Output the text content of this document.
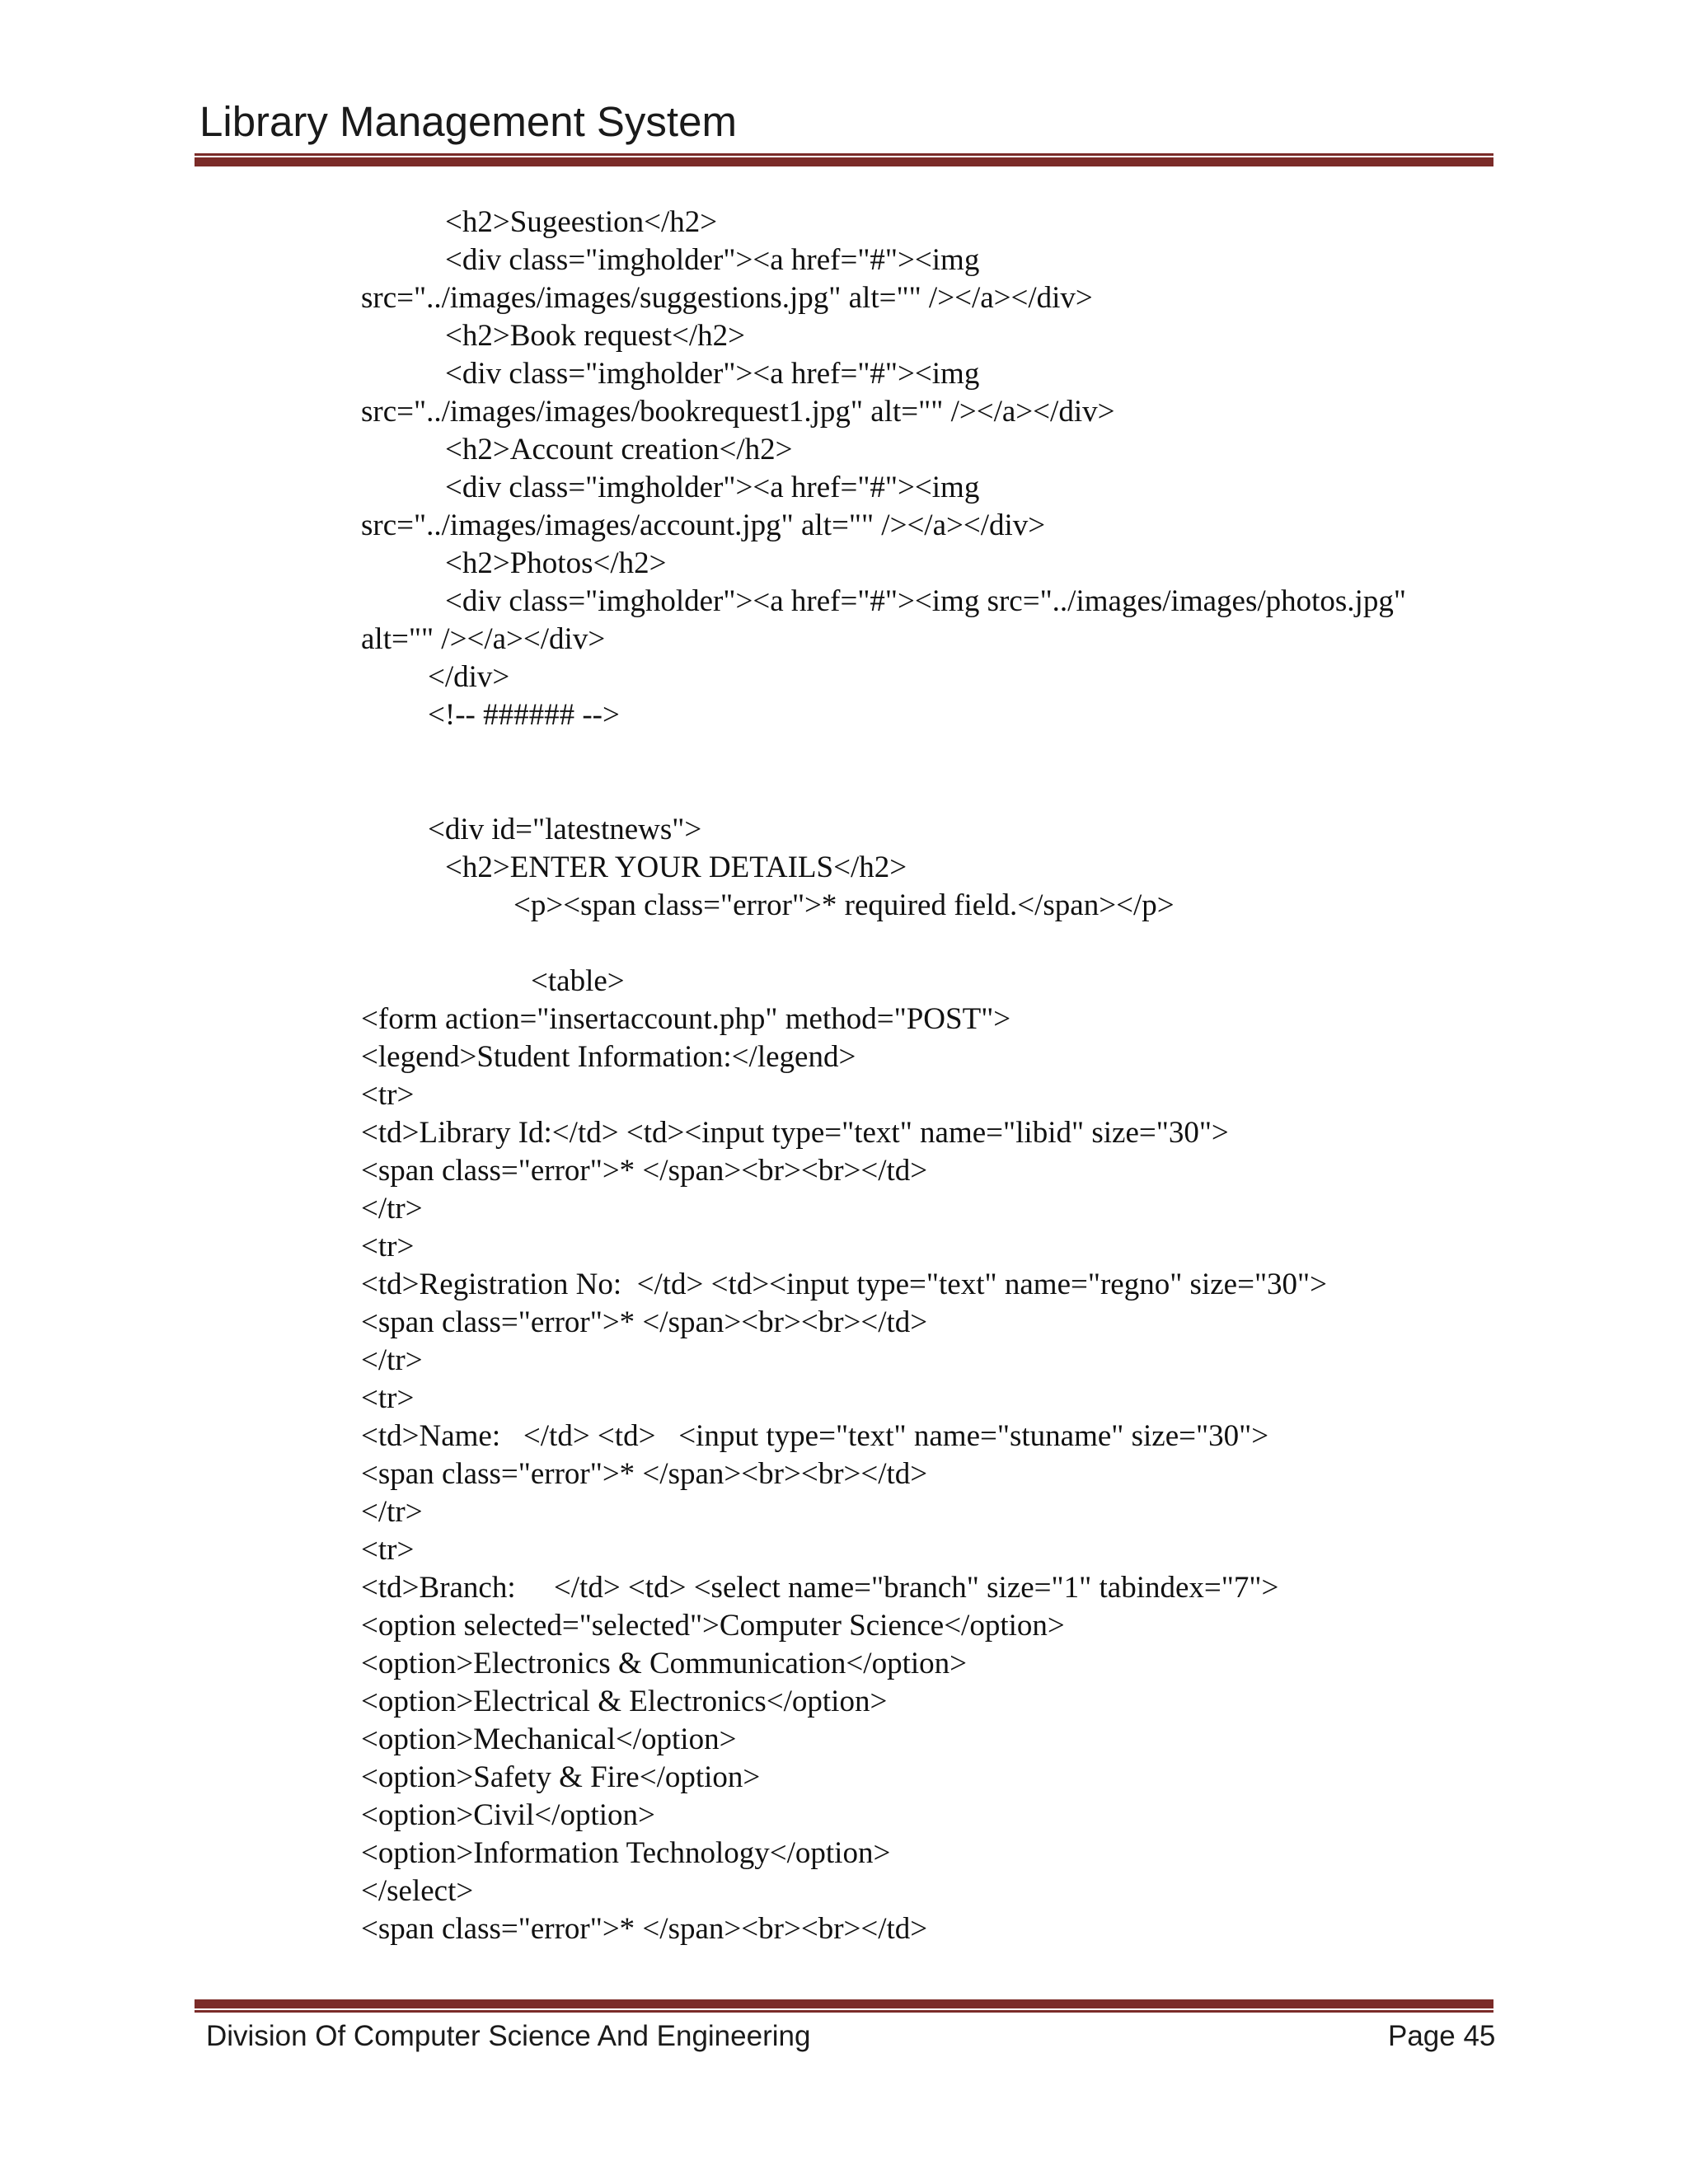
Library Management System

<h2>Sugeestion</h2>

<div class="imgholder"><a href="#"><img

src="../images/images/suggestions.jpg" alt="" /></a></div>

<h2>Book request</h2>

<div class="imgholder"><a href="#"><img

src="../images/images/bookrequest1.jpg" alt="" /></a></div>

<h2>Account creation</h2>

<div class="imgholder"><a href="#"><img

src="../images/images/account.jpg" alt="" /></a></div>

<h2>Photos</h2>

<div class="imgholder"><a href="#"><img src="../images/images/photos.jpg"

alt="" /></a></div>

</div>

<!-- ###### -->

<div id="latestnews">

<h2>ENTER YOUR DETAILS</h2>

<p><span class="error">* required field.</span></p>

<table>

<form action="insertaccount.php" method="POST">

<legend>Student Information:</legend>

<tr>

<td>Library Id:</td> <td><input type="text" name="libid" size="30">

<span class="error">* </span><br><br></td>

</tr>

<tr>

<td>Registration No:  </td> <td><input type="text" name="regno" size="30">

<span class="error">* </span><br><br></td>

</tr>

<tr>

<td>Name:   </td> <td>   <input type="text" name="stuname" size="30">

<span class="error">* </span><br><br></td>

</tr>

<tr>

<td>Branch:     </td> <td> <select name="branch" size="1" tabindex="7">

<option selected="selected">Computer Science</option>

<option>Electronics & Communication</option>

<option>Electrical & Electronics</option>

<option>Mechanical</option>

<option>Safety & Fire</option>

<option>Civil</option>

<option>Information Technology</option>

</select>

<span class="error">* </span><br><br></td>

Division Of Computer Science And Engineering	Page 45
